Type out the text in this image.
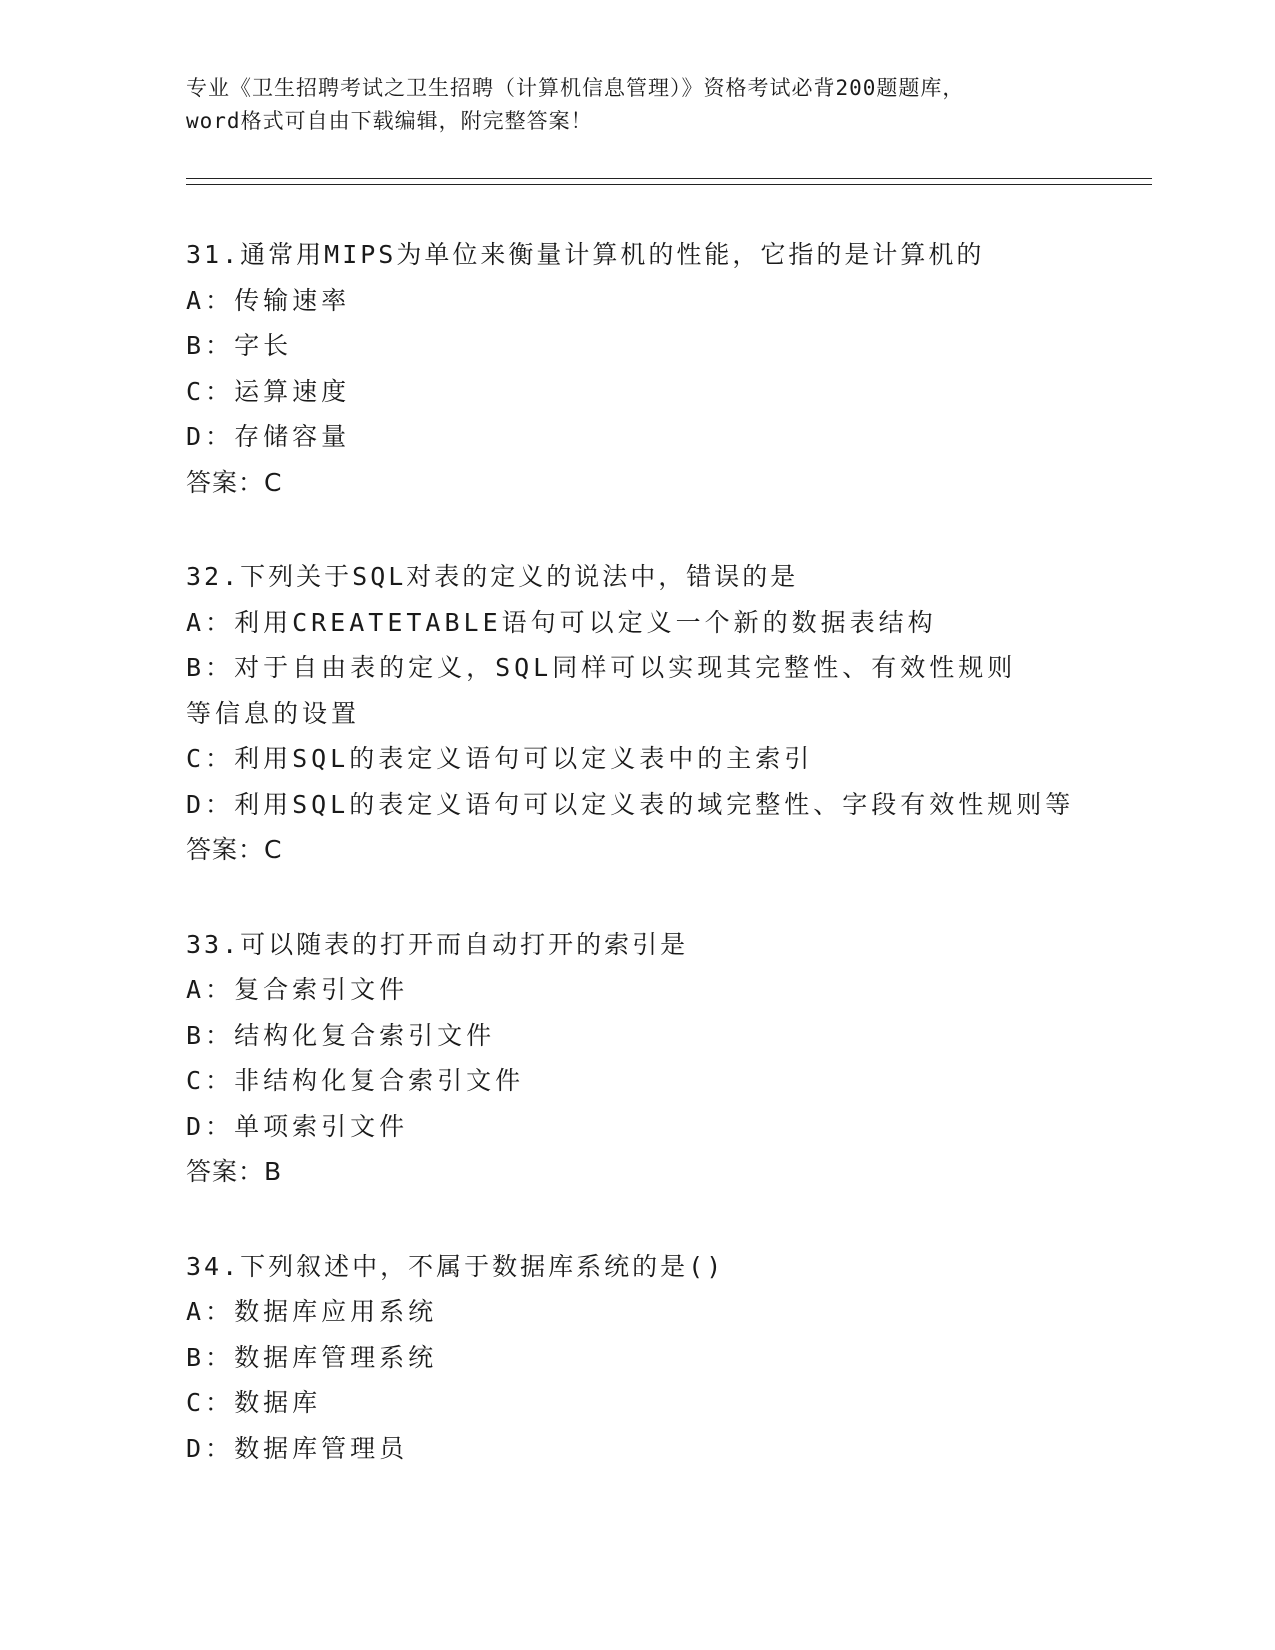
专业《卫生招聘考试之卫生招聘（计算机信息管理）》资格考试必背200题题库，
word格式可自由下载编辑，附完整答案！
31.通常用MIPS为单位来衡量计算机的性能，它指的是计算机的
A：传输速率
B：字长
C：运算速度
D：存储容量
答案：C
32.下列关于SQL对表的定义的说法中，错误的是
A：利用CREATETABLE语句可以定义一个新的数据表结构
B：对于自由表的定义，SQL同样可以实现其完整性、有效性规则等信息的设置
C：利用SQL的表定义语句可以定义表中的主索引
D：利用SQL的表定义语句可以定义表的域完整性、字段有效性规则等
答案：C
33.可以随表的打开而自动打开的索引是
A：复合索引文件
B：结构化复合索引文件
C：非结构化复合索引文件
D：单项索引文件
答案：B
34.下列叙述中，不属于数据库系统的是()
A：数据库应用系统
B：数据库管理系统
C：数据库
D：数据库管理员
